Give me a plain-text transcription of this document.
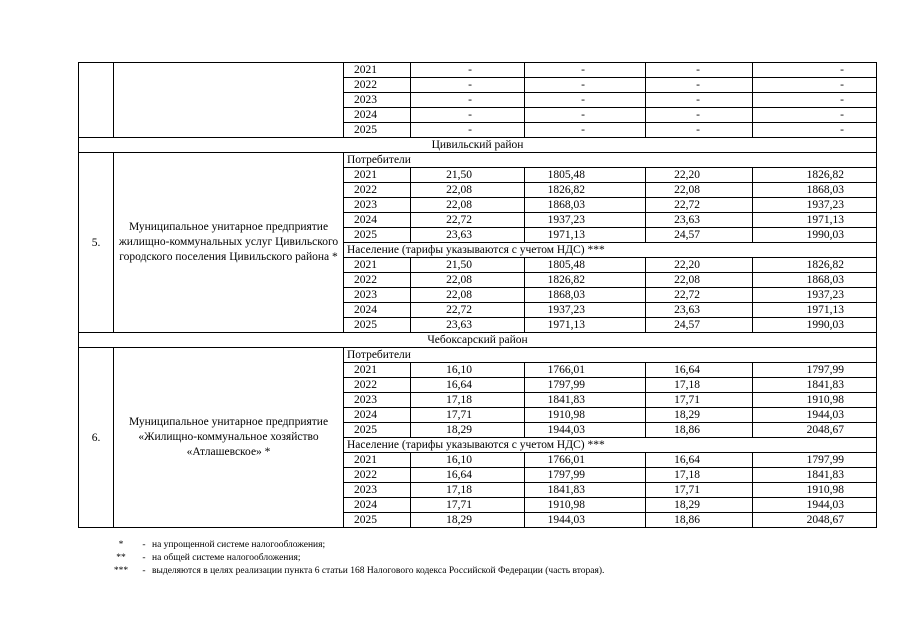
		2021	-	-	-	-
		2022	-	-	-	-
		2023	-	-	-	-
		2024	-	-	-	-
		2025	-	-	-	-
Цивильский район						
5.	Муниципальное унитарное предприятие жилищно-коммунальных услуг Цивильского городского поселения Цивильского района *	Потребители				
		2021	21,50	1805,48	22,20	1826,82
		2022	22,08	1826,82	22,08	1868,03
		2023	22,08	1868,03	22,72	1937,23
		2024	22,72	1937,23	23,63	1971,13
		2025	23,63	1971,13	24,57	1990,03
		Население (тарифы указываются с учетом НДС) ***				
		2021	21,50	1805,48	22,20	1826,82
		2022	22,08	1826,82	22,08	1868,03
		2023	22,08	1868,03	22,72	1937,23
		2024	22,72	1937,23	23,63	1971,13
		2025	23,63	1971,13	24,57	1990,03
Чебоксарский район						
6.	Муниципальное унитарное предприятие «Жилищно-коммунальное хозяйство «Атлашевское» *	Потребители				
		2021	16,10	1766,01	16,64	1797,99
		2022	16,64	1797,99	17,18	1841,83
		2023	17,18	1841,83	17,71	1910,98
		2024	17,71	1910,98	18,29	1944,03
		2025	18,29	1944,03	18,86	2048,67
		Население (тарифы указываются с учетом НДС) ***				
		2021	16,10	1766,01	16,64	1797,99
		2022	16,64	1797,99	17,18	1841,83
		2023	17,18	1841,83	17,71	1910,98
		2024	17,71	1910,98	18,29	1944,03
		2025	18,29	1944,03	18,86	2048,67
*	- на упрощенной системе налогообложения;
**	- на общей системе налогообложения;
***	- выделяются в целях реализации пункта 6 статьи 168 Налогового кодекса Российской Федерации (часть вторая).
